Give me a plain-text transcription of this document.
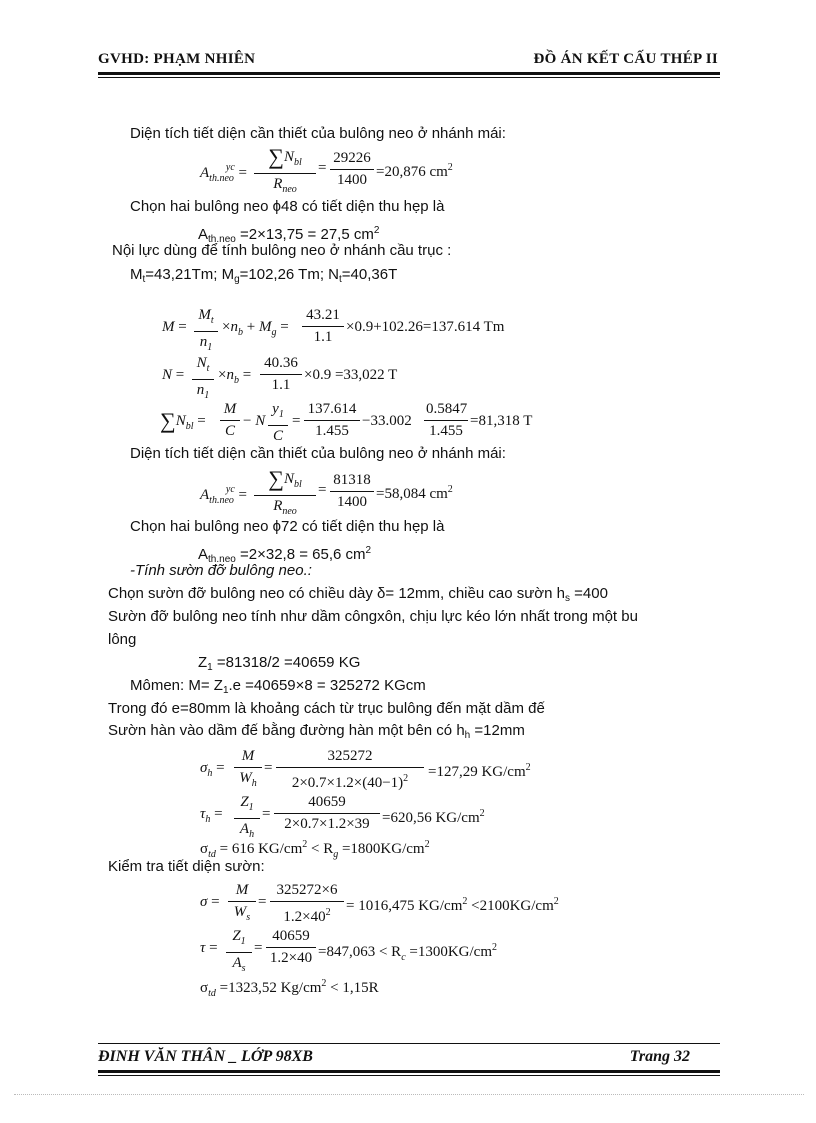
GVHD: PHẠM NHIÊN	ĐỒ ÁN KẾT CẤU THÉP II
Diện tích tiết diện cần thiết của bulông neo ở nhánh mái:
$A_{th.neo}^{yc}$ =
$\sum N_{bl}$
$R_{neo}$
= $\frac{29226}{1400} =20,876$ $cm^2$
Chọn hai bulông neo ϕ48 có tiết diện thu hẹp là
$A_{th.neo} =2\times 13,75 = 27,5$ $cm^2$
Nội lực dùng để tính bulông neo ở nhánh cầu trục :
$M_t=43,21Tm$; $M_g=102,26$ Tm; $N_t=40,36T$
$M = \frac{M_t}{n_1} \times n_b + M_g = \frac{43.21}{1.1} \times 0.9+102.26=137.614$ Tm
$N = \frac{N_t}{n_1} \times n_b = \frac{40.36}{1.1} \times 0.9 =33,022$ T
$\sum N_{bl} = \frac{M}{C} - N \frac{y_1}{C} = \frac{137.614}{1.455} -33.002 \frac{0.5847}{1.455} =81,318$ T
Diện tích tiết diện cần thiết của bulông neo ở nhánh mái:
$A_{th.neo}^{yc}$ =
$\sum N_{bl}$
$R_{neo}$
= $\frac{81318}{1400} =58,084$ $cm^2$
Chọn hai bulông neo ϕ72 có tiết diện thu hẹp là
$A_{th.neo} =2\times 32,8 = 65,6$ $cm^2$
-Tính sườn đỡ bulông neo.:
Chọn sườn đỡ bulông neo có chiều dày δ= 12mm, chiều cao sườn $h_s =400$
Sườn đỡ bulông neo tính như dầm côngxôn, chịu lực kéo lớn nhất trong một bu
lông
$Z_1 =81318/2 =40659$ KG
Mômen: $M= Z_1.e =40659\times 8 = 325272$ KGcm
Trong đó e=80mm là khoảng cách từ trục bulông đến mặt dầm đế
Sườn hàn vào dầm đế bằng đường hàn một bên có $h_h =12mm$
$\sigma_h = \frac{M}{W_h} = \frac{325272}{2\times 0.7\times 1.2\times(40-1)^2} =127,29$ $KG/cm^2$
$\tau_h = \frac{Z_1}{A_h} = \frac{40659}{2\times 0.7\times 1.2\times 39} =620,56$ $KG/cm^2$
$\sigma_{td} = 616$ $KG/cm^2 < R_g =1800KG/cm^2$
Kiểm tra tiết diện sườn:
$\sigma = \frac{M}{W_s} = \frac{325272\times 6}{1.2\times 40^2} = 1016,475$ $KG/cm^2 <2100KG/cm^2$
$\tau = \frac{Z_1}{A_s} = \frac{40659}{1.2\times 40} =847,063 < R_c =1300KG/cm^2$
$\sigma_{td} =1323,52$ $Kg/cm^2 < 1,15R$
ĐINH VĂN THÂN _ LỚP 98XB	Trang 32
